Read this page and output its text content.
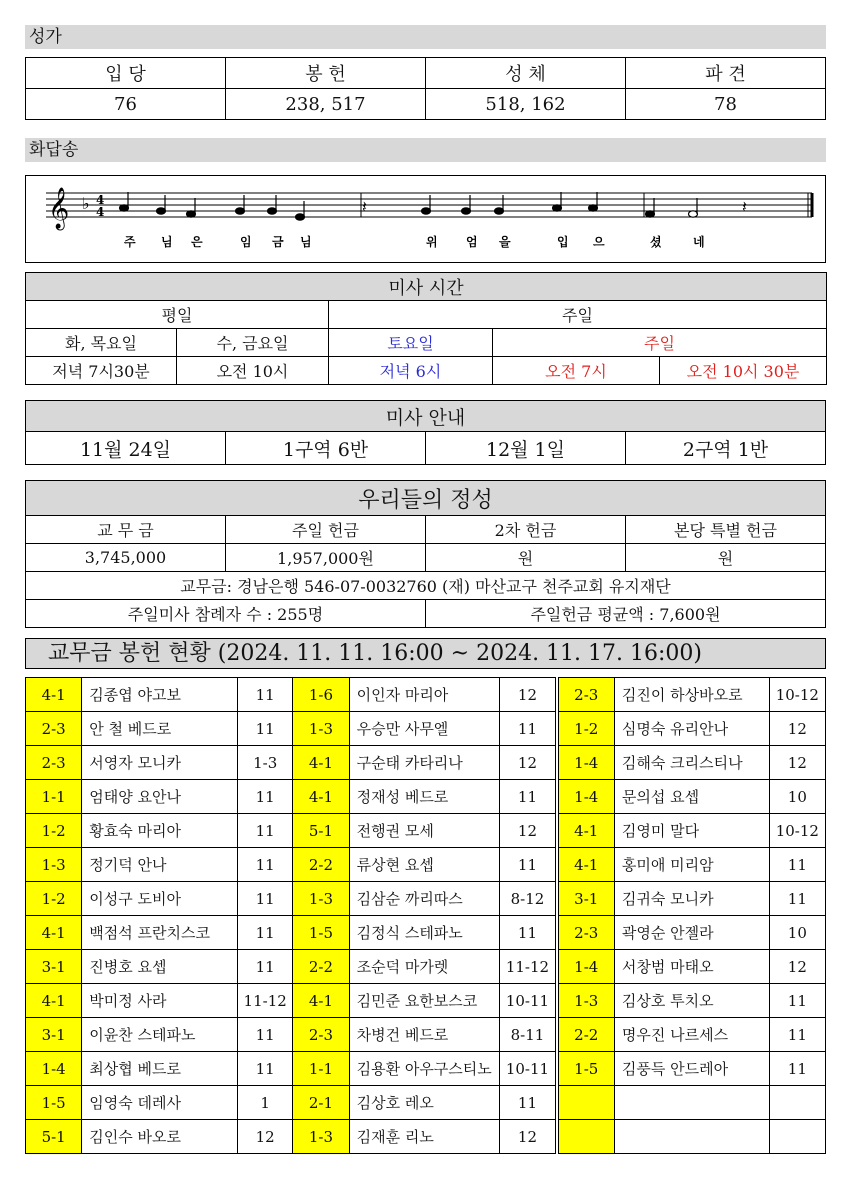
성가
입 당	봉 헌	성 체	파 견
76	238, 517	518, 162	78
화답송
𝄞 ♭ 4
4	𝄽	𝄽
주 님 은	임 금 님	위 엄 을	입 으	셨	네
미사 시간				
평일		주일		
화, 목요일	수, 금요일	토요일	주일	
저녁 7시30분	오전 10시	저녁 6시	오전 7시	오전 10시 30분
미사 안내
11월 24일	1구역 6반	12월 1일	2구역 1반
우리들의 정성			
교 무 금	주일 헌금	2차 헌금	본당 특별 헌금
3,745,000	1,957,000원	원	원
교무금: 경남은행 546-07-0032760 (재) 마산교구 천주교회 유지재단			
주일미사 참례자 수 : 255명		주일헌금 평균액 : 7,600원	
교무금 봉헌 현황 (2024. 11. 11. 16:00 ~ 2024. 11. 17. 16:00)
4-1	김종엽 야고보	11	1-6	이인자 마리아	12		2-3	김진이 하상바오로	10-12
2-3	안 철 베드로	11	1-3	우승만 사무엘	11		1-2	심명숙 유리안나	12
2-3	서영자 모니카	1-3	4-1	구순태 카타리나	12		1-4	김해숙 크리스티나	12
1-1	엄태양 요안나	11	4-1	정재성 베드로	11		1-4	문의섭 요셉	10
1-2	황효숙 마리아	11	5-1	전행권 모세	12		4-1	김영미 말다	10-12
1-3	정기덕 안나	11	2-2	류상현 요셉	11		4-1	홍미애 미리암	11
1-2	이성구 도비아	11	1-3	김삼순 까리따스	8-12		3-1	김귀숙 모니카	11
4-1	백점석 프란치스코	11	1-5	김정식 스테파노	11		2-3	곽영순 안젤라	10
3-1	진병호 요셉	11	2-2	조순덕 마가렛	11-12		1-4	서창범 마태오	12
4-1	박미정 사라	11-12	4-1	김민준 요한보스코	10-11		1-3	김상호 투치오	11
3-1	이윤찬 스테파노	11	2-3	차병건 베드로	8-11		2-2	명우진 나르세스	11
1-4	최상협 베드로	11	1-1	김용환 아우구스티노	10-11		1-5	김풍득 안드레아	11
1-5	임영숙 데레사	1	2-1	김상호 레오	11				
5-1	김인수 바오로	12	1-3	김재훈 리노	12				
